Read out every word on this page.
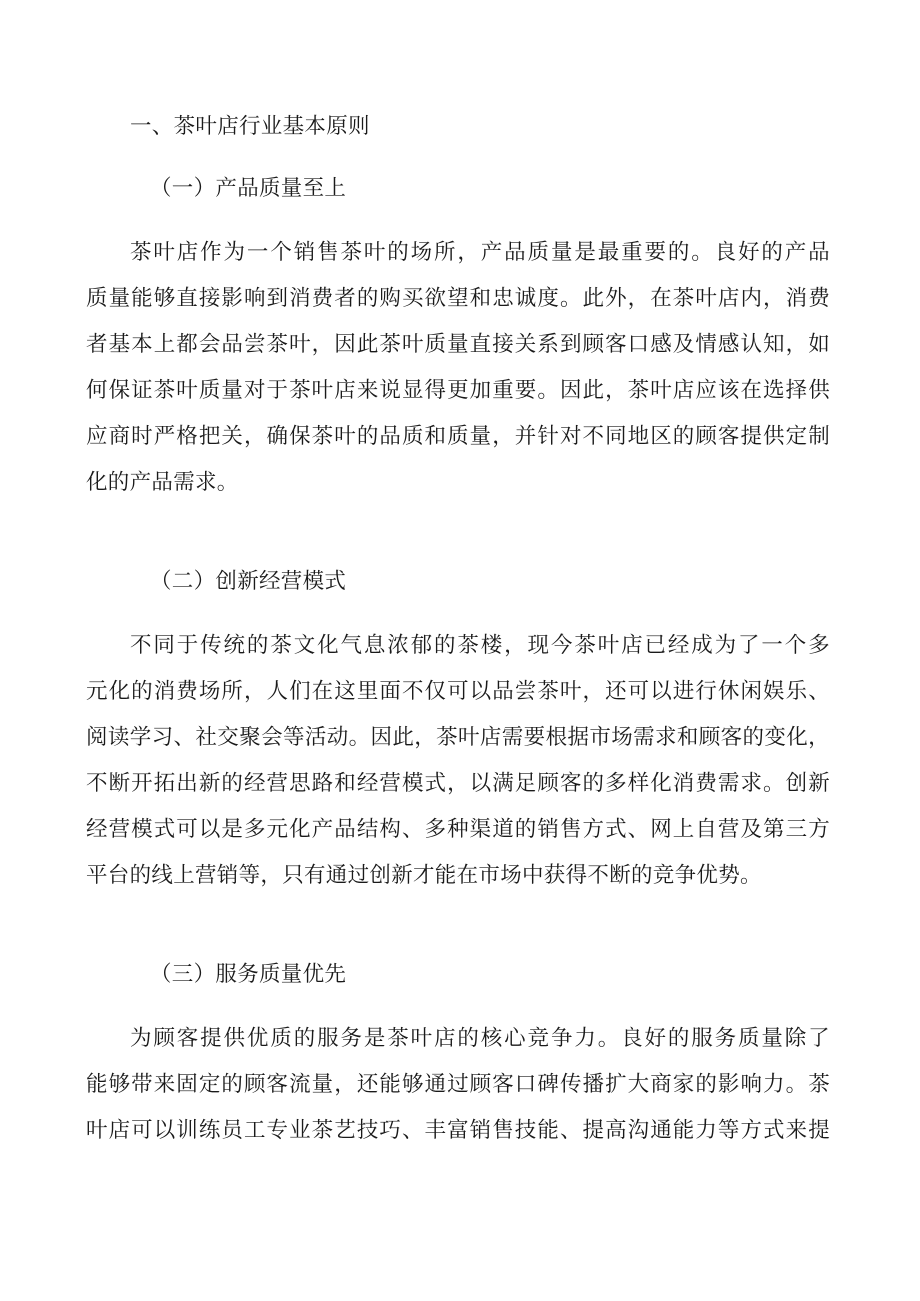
一、茶叶店行业基本原则
（一）产品质量至上
茶叶店作为一个销售茶叶的场所，产品质量是最重要的。良好的产品
质量能够直接影响到消费者的购买欲望和忠诚度。此外，在茶叶店内，消费
者基本上都会品尝茶叶，因此茶叶质量直接关系到顾客口感及情感认知，如
何保证茶叶质量对于茶叶店来说显得更加重要。因此，茶叶店应该在选择供
应商时严格把关，确保茶叶的品质和质量，并针对不同地区的顾客提供定制
化的产品需求。
（二）创新经营模式
不同于传统的茶文化气息浓郁的茶楼，现今茶叶店已经成为了一个多
元化的消费场所，人们在这里面不仅可以品尝茶叶，还可以进行休闲娱乐、
阅读学习、社交聚会等活动。因此，茶叶店需要根据市场需求和顾客的变化，
不断开拓出新的经营思路和经营模式，以满足顾客的多样化消费需求。创新
经营模式可以是多元化产品结构、多种渠道的销售方式、网上自营及第三方
平台的线上营销等，只有通过创新才能在市场中获得不断的竞争优势。
（三）服务质量优先
为顾客提供优质的服务是茶叶店的核心竞争力。良好的服务质量除了
能够带来固定的顾客流量，还能够通过顾客口碑传播扩大商家的影响力。茶
叶店可以训练员工专业茶艺技巧、丰富销售技能、提高沟通能力等方式来提
